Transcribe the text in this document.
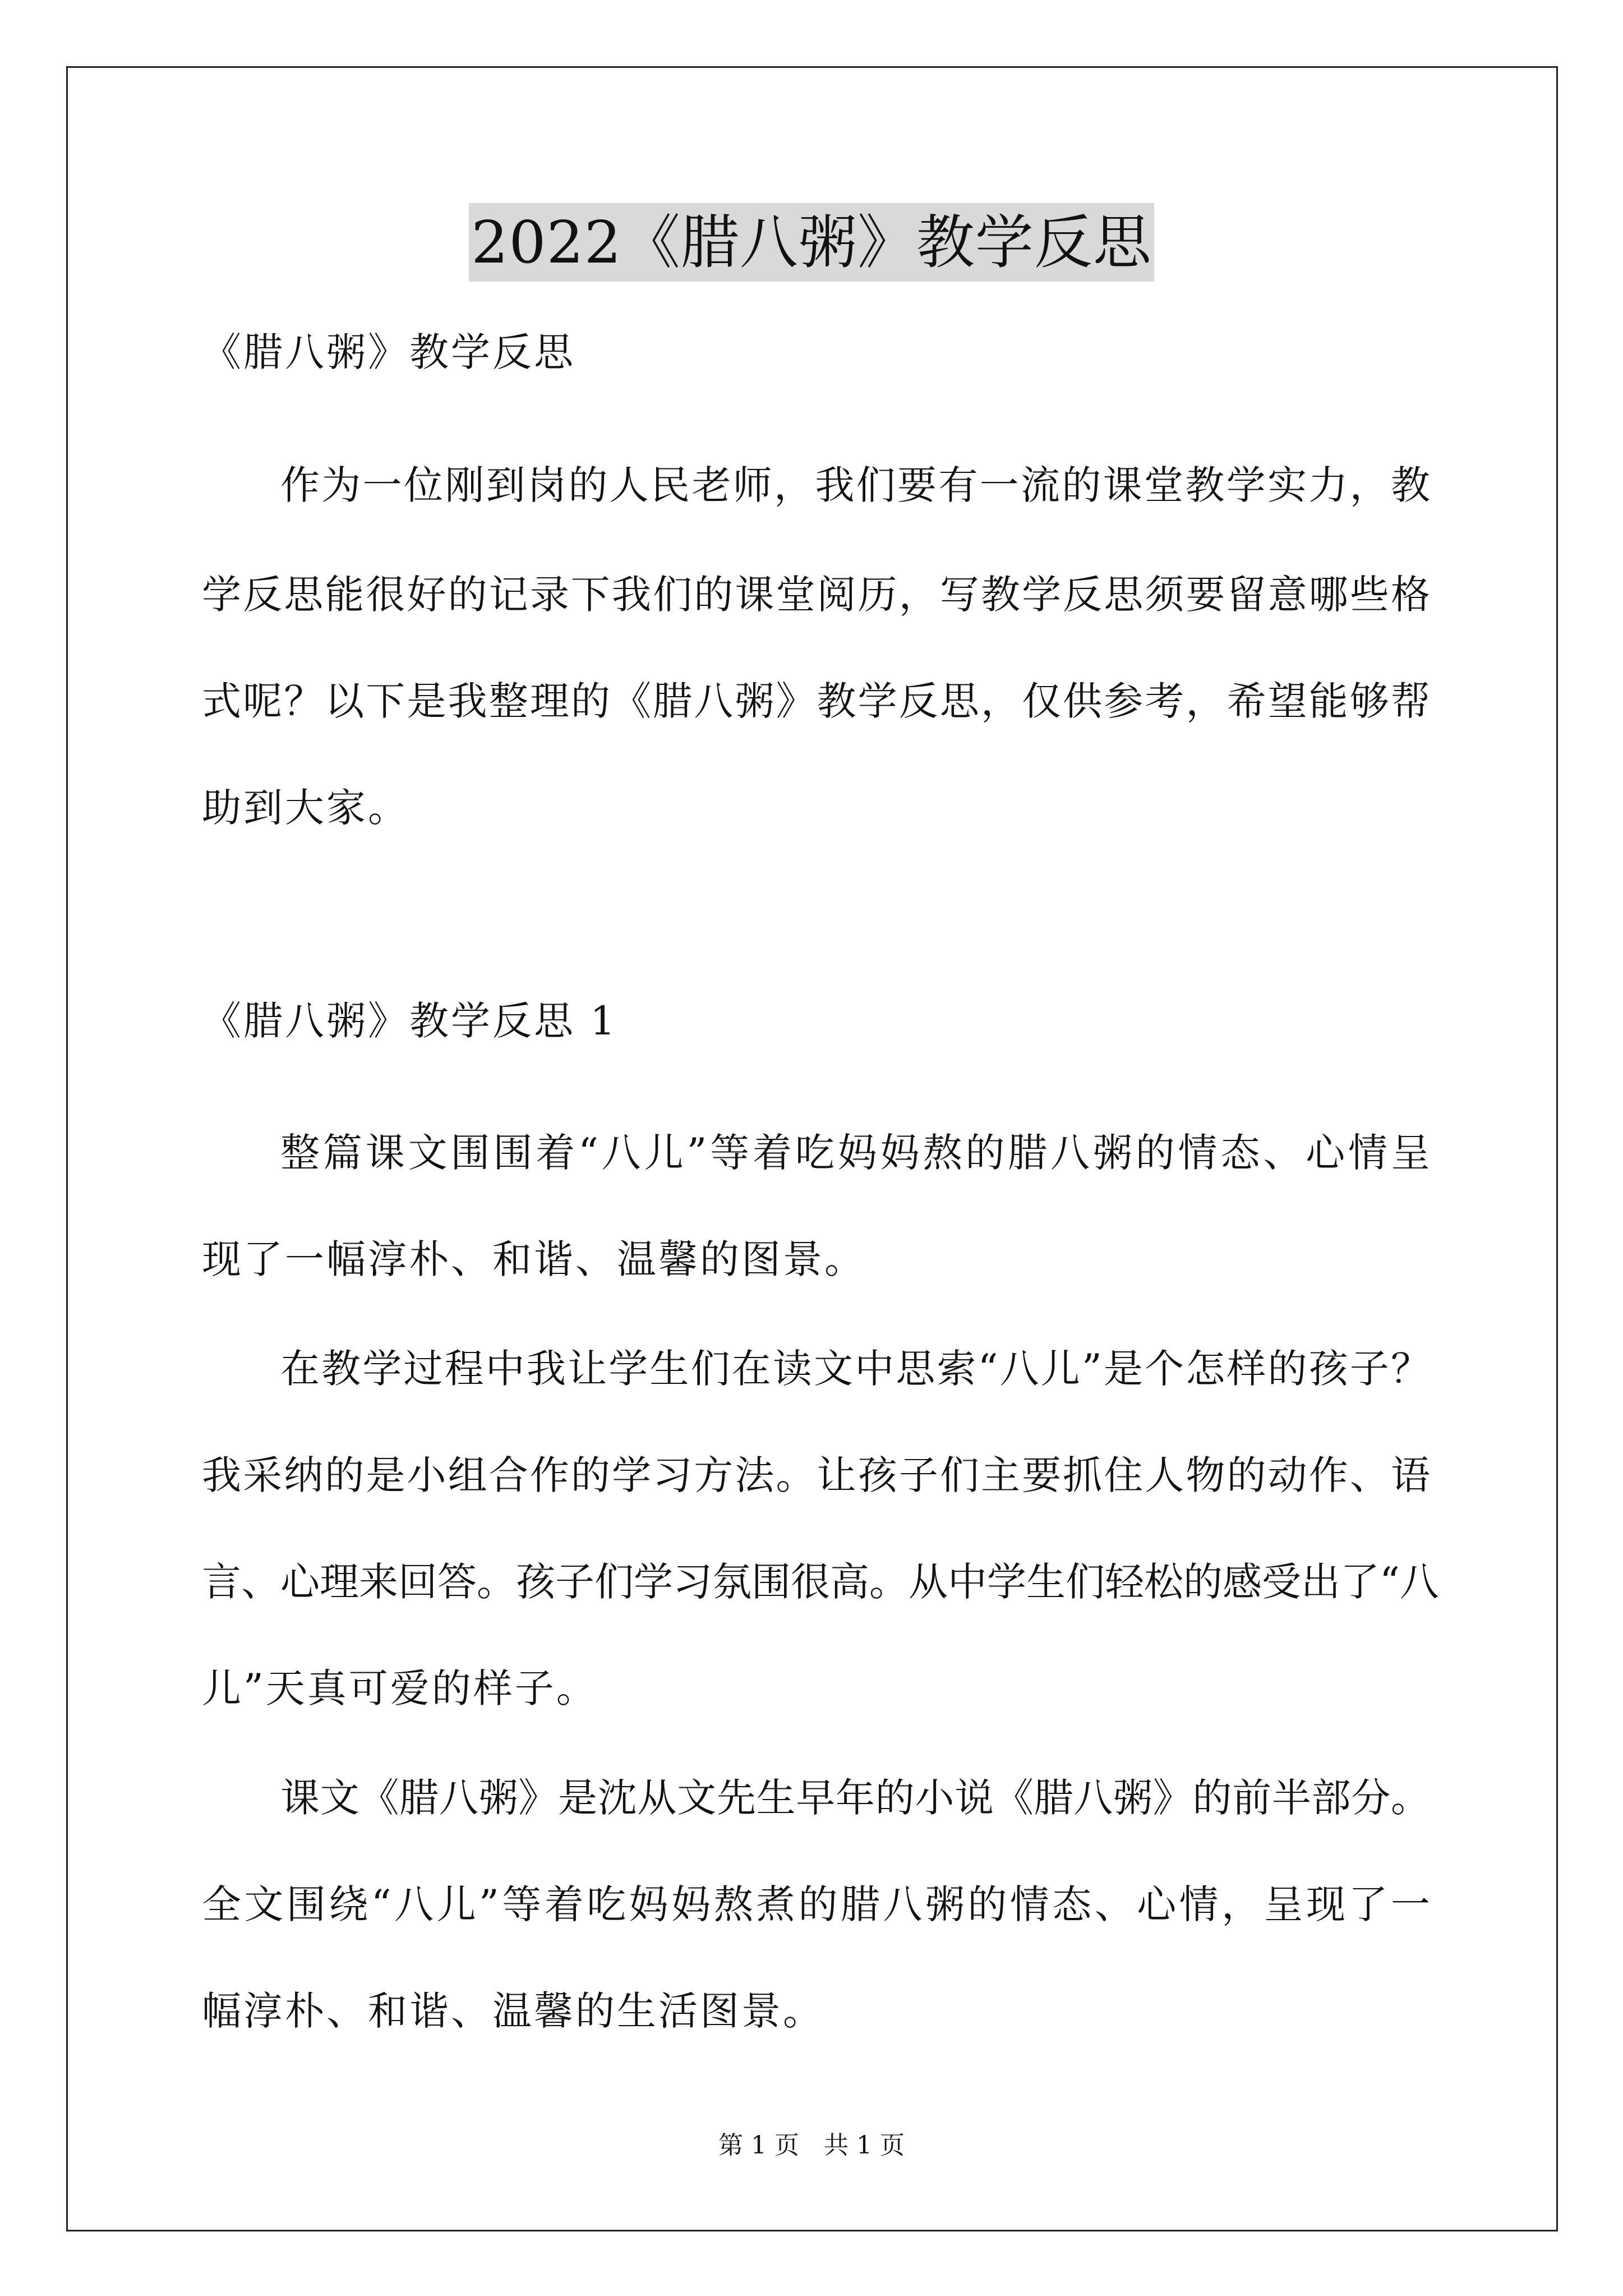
2022《腊八粥》教学反思
《腊八粥》教学反思
作为一位刚到岗的人民老师，我们要有一流的课堂教学实力，教
学反思能很好的记录下我们的课堂阅历，写教学反思须要留意哪些格
式呢？以下是我整理的《腊八粥》教学反思，仅供参考，希望能够帮
助到大家。
《腊八粥》教学反思 1
整篇课文围围着“八儿”等着吃妈妈熬的腊八粥的情态、心情呈
现了一幅淳朴、和谐、温馨的图景。
在教学过程中我让学生们在读文中思索“八儿”是个怎样的孩子？
我采纳的是小组合作的学习方法。让孩子们主要抓住人物的动作、语
言、心理来回答。孩子们学习氛围很高。从中学生们轻松的感受出了“八
儿”天真可爱的样子。
课文《腊八粥》是沈从文先生早年的小说《腊八粥》的前半部分。
全文围绕“八儿”等着吃妈妈熬煮的腊八粥的情态、心情，呈现了一
幅淳朴、和谐、温馨的生活图景。
第 1 页　共 1 页
